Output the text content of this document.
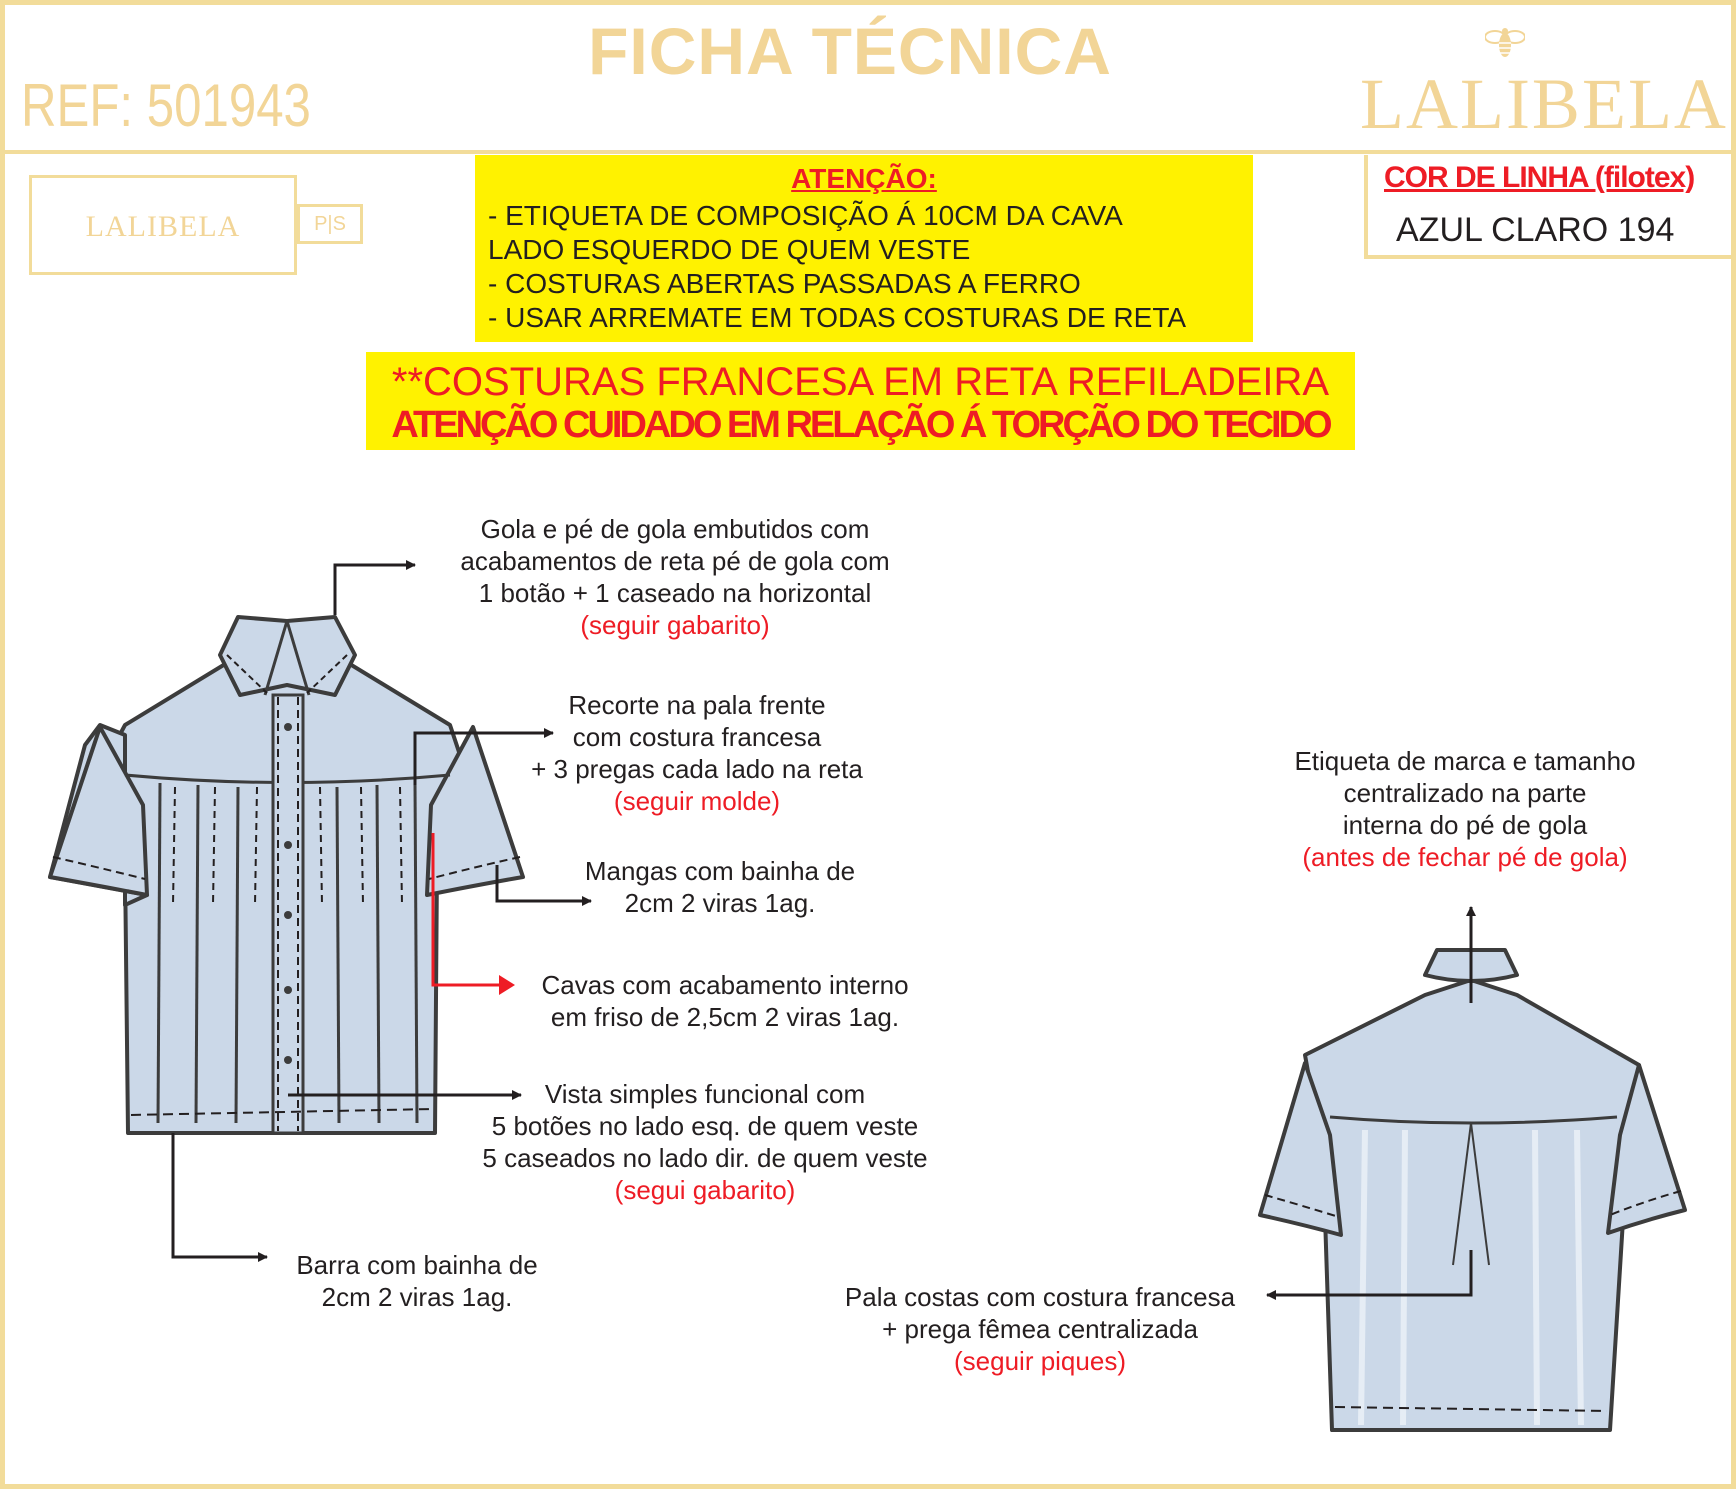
FICHA TÉCNICA
REF: 501943	LALIBELA
LALIBELA	P|S
ATENÇÃO:
- ETIQUETA DE COMPOSIÇÃO Á 10CM DA CAVA
LADO ESQUERDO DE QUEM VESTE
- COSTURAS ABERTAS PASSADAS A FERRO
- USAR ARREMATE EM TODAS COSTURAS DE RETA
COR DE LINHA (filotex)
AZUL CLARO 194
**COSTURAS FRANCESA EM RETA REFILADEIRA
ATENÇÃO CUIDADO EM RELAÇÃO Á TORÇÃO DO TECIDO
Gola e pé de gola embutidos com
acabamentos de reta pé de gola com
1 botão + 1 caseado na horizontal
(seguir gabarito)
Recorte na pala frente
com costura francesa
+ 3 pregas cada lado na reta
(seguir molde)
Mangas com bainha de
2cm 2 viras 1ag.
Cavas com acabamento interno
em friso de 2,5cm 2 viras 1ag.
Vista simples funcional com
5 botões no lado esq. de quem veste
5 caseados no lado dir. de quem veste
(segui gabarito)
Barra com bainha de
2cm 2 viras 1ag.
Etiqueta de marca e tamanho
centralizado na parte
interna do pé de gola
(antes de fechar pé de gola)
Pala costas com costura francesa
+ prega fêmea centralizada
(seguir piques)
